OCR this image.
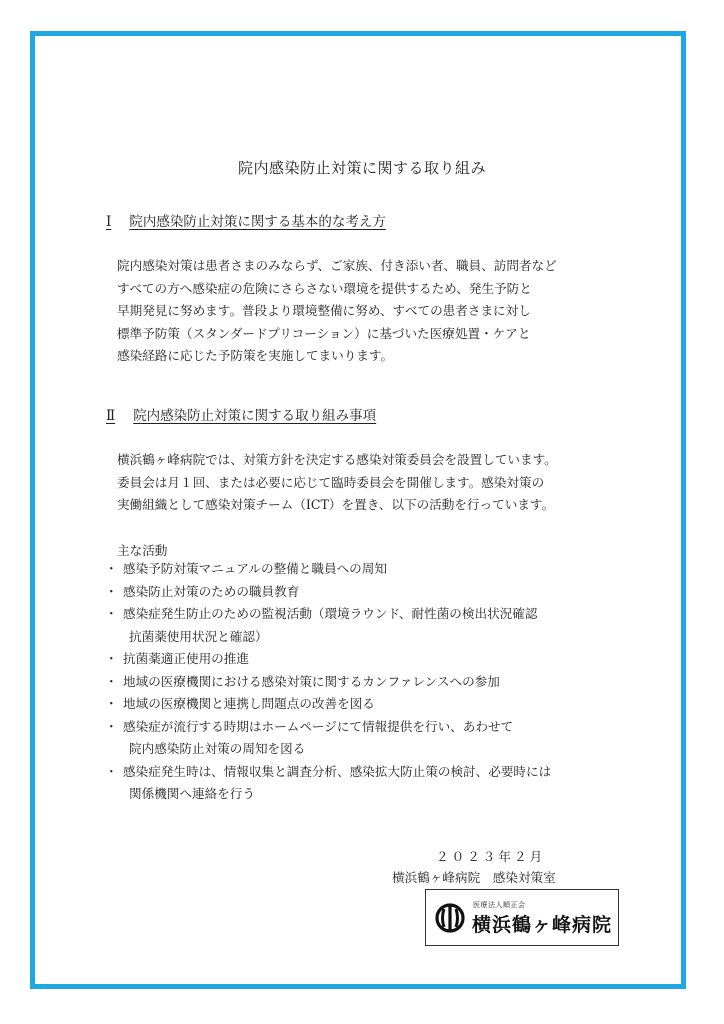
院内感染防止対策に関する取り組み
Ⅰ 院内感染防止対策に関する基本的な考え方
院内感染対策は患者さまのみならず、ご家族、付き添い者、職員、訪問者など
すべての方へ感染症の危険にさらさない環境を提供するため、発生予防と
早期発見に努めます。普段より環境整備に努め、すべての患者さまに対し
標準予防策（スタンダードプリコーション）に基づいた医療処置・ケアと
感染経路に応じた予防策を実施してまいります。
Ⅱ 院内感染防止対策に関する取り組み事項
横浜鶴ヶ峰病院では、対策方針を決定する感染対策委員会を設置しています。
委員会は月１回、または必要に応じて臨時委員会を開催します。感染対策の
実働組織として感染対策チーム（ICT）を置き、以下の活動を行っています。
主な活動
・ 感染予防対策マニュアルの整備と職員への周知
・ 感染防止対策のための職員教育
・ 感染症発生防止のための監視活動（環境ラウンド、耐性菌の検出状況確認
抗菌薬使用状況と確認）
・ 抗菌薬適正使用の推進
・ 地域の医療機関における感染対策に関するカンファレンスへの参加
・ 地域の医療機関と連携し問題点の改善を図る
・ 感染症が流行する時期はホームページにて情報提供を行い、あわせて
院内感染防止対策の周知を図る
・ 感染症発生時は、情報収集と調査分析、感染拡大防止策の検討、必要時には
関係機関へ連絡を行う
２０２３年２月
横浜鶴ヶ峰病院　感染対策室
医療法人順正会
横浜鶴ヶ峰病院
